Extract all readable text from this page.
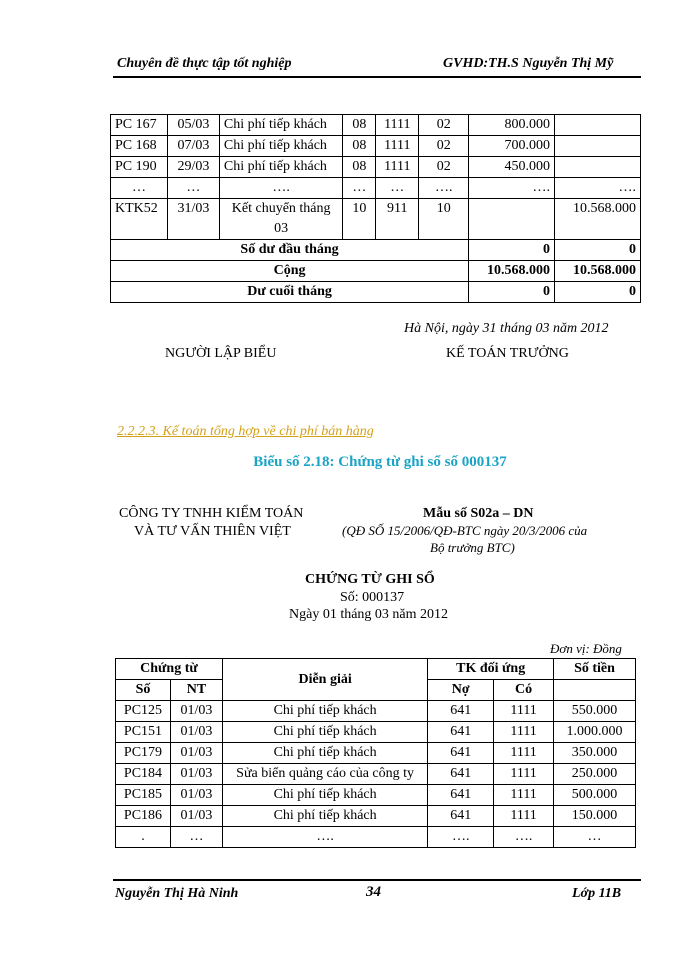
Chuyên đề thực tập tốt nghiệp	GVHD:TH.S Nguyễn Thị Mỹ
PC 167	05/03	Chi phí tiếp khách	08	1111	02	800.000	
PC 168	07/03	Chi phí tiếp khách	08	1111	02	700.000	
PC 190	29/03	Chi phí tiếp khách	08	1111	02	450.000	
…	…	….	…	…	….	….	….
KTK52	31/03	Kết chuyển tháng 03	10	911	10		10.568.000
Số dư đầu tháng						0	0
Cộng						10.568.000	10.568.000
Dư cuối tháng						0	0
Hà Nội, ngày 31 tháng 03 năm 2012
NGƯỜI LẬP BIỂU	KẾ TOÁN TRƯỞNG
2.2.2.3. Kế toán tổng hợp về chi phí bán hàng
Biểu số 2.18: Chứng từ ghi sổ số 000137
CÔNG TY TNHH KIỂM TOÁN
VÀ TƯ VẤN THIÊN VIỆT
Mẫu số S02a – DN
(QĐ SỐ 15/2006/QĐ-BTC ngày 20/3/2006 của
Bộ trưởng BTC)
CHỨNG TỪ GHI SỔ
Số: 000137
Ngày 01 tháng 03 năm 2012
Đơn vị: Đồng
Chứng từ		Diễn giải	TK đối ứng		Số tiền
Số	NT		Nợ	Có	
PC125	01/03	Chi phí tiếp khách	641	1111	550.000
PC151	01/03	Chi phí tiếp khách	641	1111	1.000.000
PC179	01/03	Chi phí tiếp khách	641	1111	350.000
PC184	01/03	Sửa biển quảng cáo của công ty	641	1111	250.000
PC185	01/03	Chi phí tiếp khách	641	1111	500.000
PC186	01/03	Chi phí tiếp khách	641	1111	150.000
.	…	….	….	….	…
Nguyễn Thị Hà Ninh	34	Lớp 11B
